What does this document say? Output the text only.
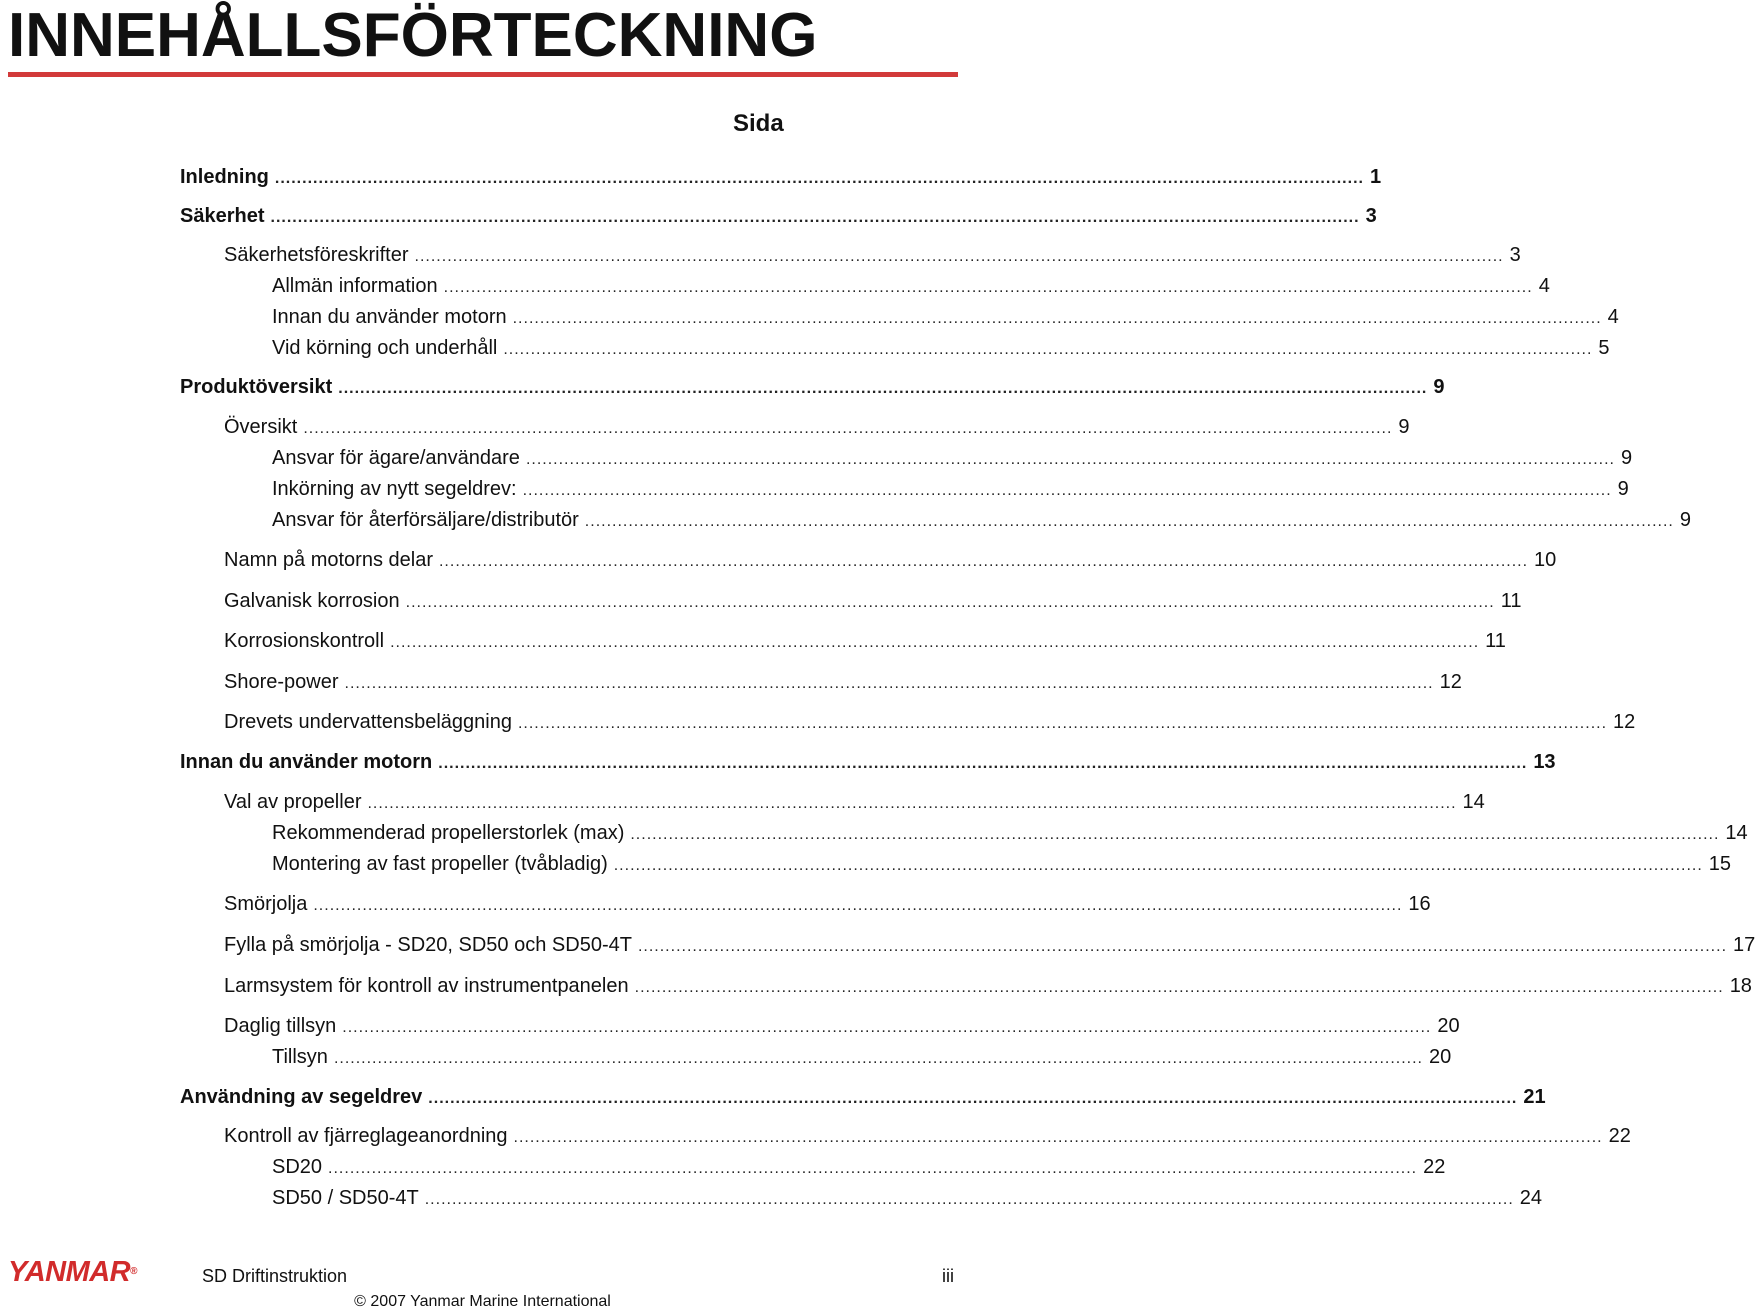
INNEHÅLLSFÖRTECKNING
Sida
Inledning ........................................................................................................................................................................................................ 1
Säkerhet ........................................................................................................................................................................................................ 3
Säkerhetsföreskrifter ........................................................................................................................................................................................................ 3
Allmän information ........................................................................................................................................................................................................ 4
Innan du använder motorn ........................................................................................................................................................................................................ 4
Vid körning och underhåll ........................................................................................................................................................................................................ 5
Produktöversikt ........................................................................................................................................................................................................ 9
Översikt ........................................................................................................................................................................................................ 9
Ansvar för ägare/användare ........................................................................................................................................................................................................ 9
Inkörning av nytt segeldrev: ........................................................................................................................................................................................................ 9
Ansvar för återförsäljare/distributör ........................................................................................................................................................................................................ 9
Namn på motorns delar ........................................................................................................................................................................................................ 10
Galvanisk korrosion ........................................................................................................................................................................................................ 11
Korrosionskontroll ........................................................................................................................................................................................................ 11
Shore-power ........................................................................................................................................................................................................ 12
Drevets undervattensbeläggning ........................................................................................................................................................................................................ 12
Innan du använder motorn ........................................................................................................................................................................................................ 13
Val av propeller ........................................................................................................................................................................................................ 14
Rekommenderad propellerstorlek (max) ........................................................................................................................................................................................................ 14
Montering av fast propeller (tvåbladig) ........................................................................................................................................................................................................ 15
Smörjolja ........................................................................................................................................................................................................ 16
Fylla på smörjolja - SD20, SD50 och SD50-4T ........................................................................................................................................................................................................ 17
Larmsystem för kontroll av instrumentpanelen ........................................................................................................................................................................................................ 18
Daglig tillsyn ........................................................................................................................................................................................................ 20
Tillsyn ........................................................................................................................................................................................................ 20
Användning av segeldrev ........................................................................................................................................................................................................ 21
Kontroll av fjärreglageanordning ........................................................................................................................................................................................................ 22
SD20 ........................................................................................................................................................................................................ 22
SD50 / SD50-4T ........................................................................................................................................................................................................ 24
YANMAR®	SD Driftinstruktion	iii
© 2007 Yanmar Marine International
